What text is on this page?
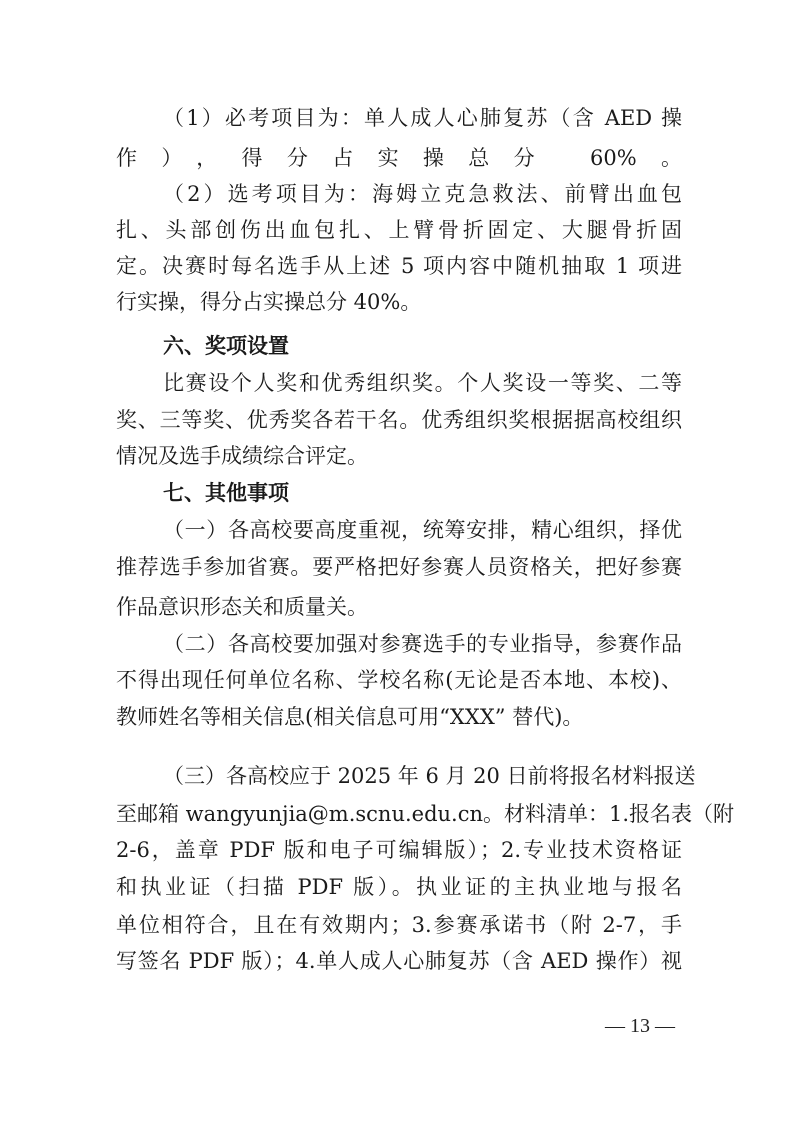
（1）必考项目为：单人成人心肺复苏（含 AED 操
作），得分占实操总分 60%。
（2）选考项目为：海姆立克急救法、前臂出血包
扎、头部创伤出血包扎、上臂骨折固定、大腿骨折固
定。决赛时每名选手从上述 5 项内容中随机抽取 1 项进
行实操，得分占实操总分 40%。
六、奖项设置
比赛设个人奖和优秀组织奖。个人奖设一等奖、二等
奖、三等奖、优秀奖各若干名。优秀组织奖根据据高校组织
情况及选手成绩综合评定。
七、其他事项
（一）各高校要高度重视，统筹安排，精心组织，择优
推荐选手参加省赛。要严格把好参赛人员资格关，把好参赛
作品意识形态关和质量关。
（二）各高校要加强对参赛选手的专业指导，参赛作品
不得出现任何单位名称、学校名称(无论是否本地、本校)、
教师姓名等相关信息(相关信息可用“XXX” 替代)。
（三）各高校应于 2025 年 6 月 20 日前将报名材料报送
至邮箱 wangyunjia@m.scnu.edu.cn。材料清单：1.报名表（附
2-6，盖章 PDF 版和电子可编辑版）；2.专业技术资格证
和执业证（扫描 PDF 版）。执业证的主执业地与报名
单位相符合，且在有效期内；3.参赛承诺书（附 2-7，手
写签名 PDF 版）；4.单人成人心肺复苏（含 AED 操作）视
— 13 —
